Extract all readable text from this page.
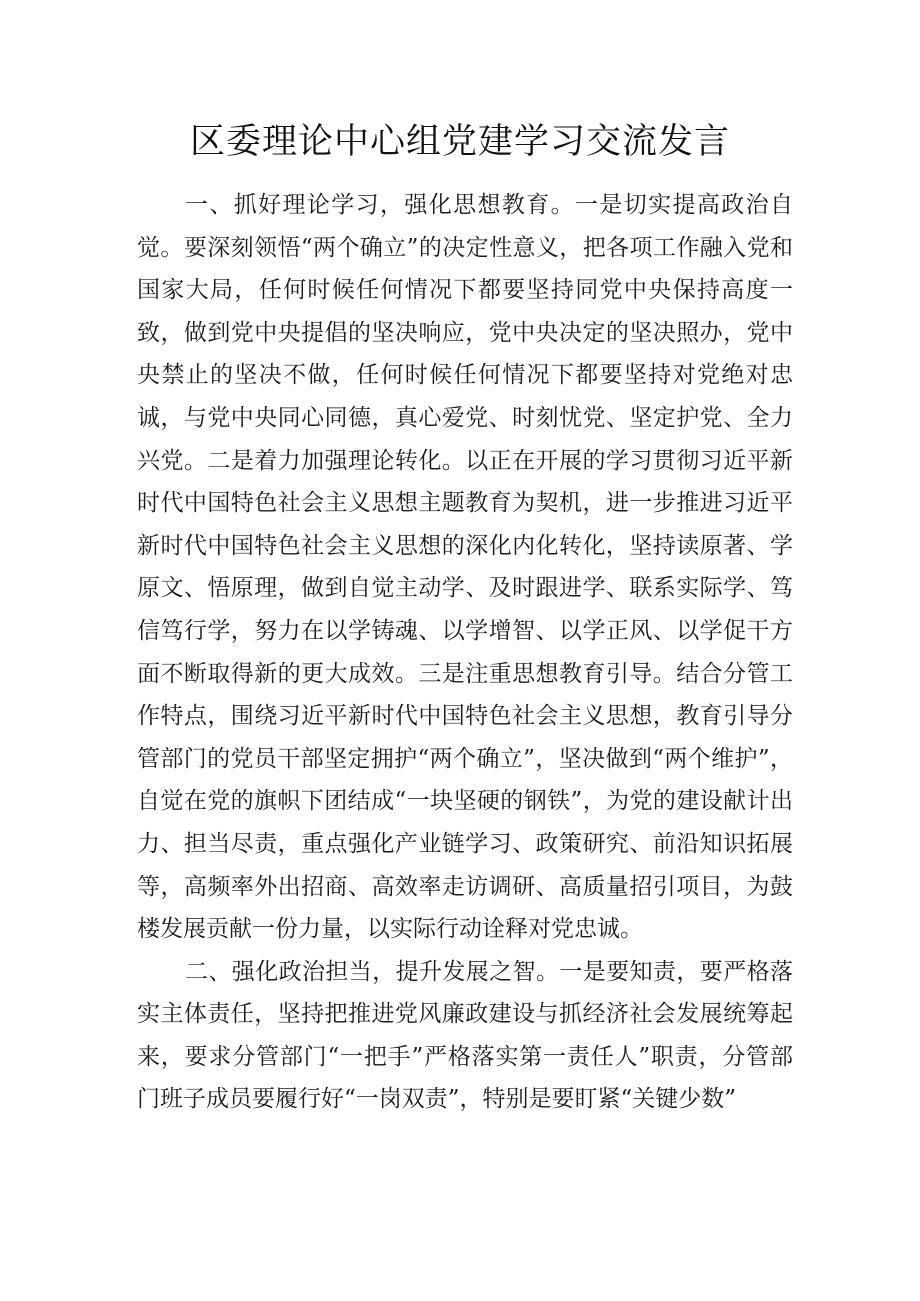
区委理论中心组党建学习交流发言

一、抓好理论学习，强化思想教育。一是切实提高政治自觉。要深刻领悟“两个确立”的决定性意义，把各项工作融入党和国家大局，任何时候任何情况下都要坚持同党中央保持高度一致，做到党中央提倡的坚决响应，党中央决定的坚决照办，党中央禁止的坚决不做，任何时候任何情况下都要坚持对党绝对忠诚，与党中央同心同德，真心爱党、时刻忧党、坚定护党、全力兴党。二是着力加强理论转化。以正在开展的学习贯彻习近平新时代中国特色社会主义思想主题教育为契机，进一步推进习近平新时代中国特色社会主义思想的深化内化转化，坚持读原著、学原文、悟原理，做到自觉主动学、及时跟进学、联系实际学、笃信笃行学，努力在以学铸魂、以学增智、以学正风、以学促干方面不断取得新的更大成效。三是注重思想教育引导。结合分管工作特点，围绕习近平新时代中国特色社会主义思想，教育引导分管部门的党员干部坚定拥护“两个确立”，坚决做到“两个维护”，自觉在党的旗帜下团结成“一块坚硬的钢铁”，为党的建设献计出力、担当尽责，重点强化产业链学习、政策研究、前沿知识拓展等，高频率外出招商、高效率走访调研、高质量招引项目，为鼓楼发展贡献一份力量，以实际行动诠释对党忠诚。

二、强化政治担当，提升发展之智。一是要知责，要严格落实主体责任，坚持把推进党风廉政建设与抓经济社会发展统筹起来，要求分管部门“一把手”严格落实第一责任人”职责，分管部门班子成员要履行好“一岗双责”，特别是要盯紧“关键少数”
